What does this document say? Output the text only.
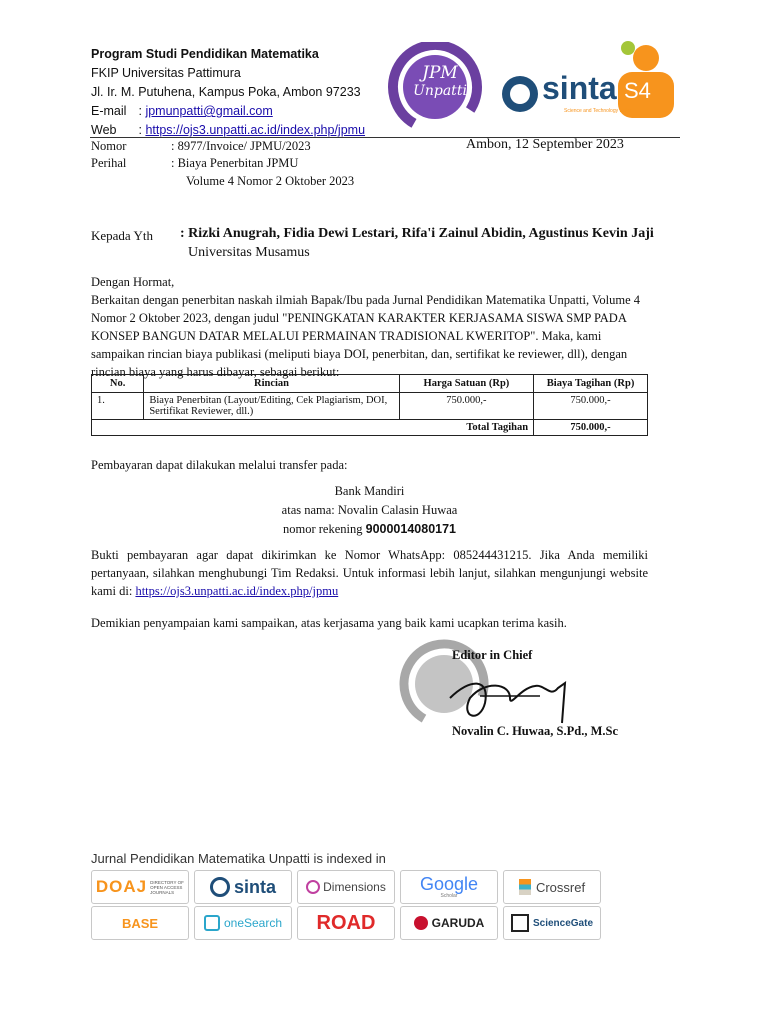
Program Studi Pendidikan Matematika
FKIP Universitas Pattimura
Jl. Ir. M. Putuhena, Kampus Poka, Ambon 97233
E-mail : jpmunpatti@gmail.com
Web : https://ojs3.unpatti.ac.id/index.php/jpmu
JPM
Unpatti sinta
Science and Technology Index
S4
Nomor	: 8977/Invoice/ JPMU/2023	Ambon, 12 September 2023
Perihal	: Biaya Penerbitan JPMU
Volume 4 Nomor 2 Oktober 2023
Kepada Yth : Rizki Anugrah, Fidia Dewi Lestari, Rifa'i Zainul Abidin, Agustinus Kevin Jaji
Universitas Musamus
Dengan Hormat,
Berkaitan dengan penerbitan naskah ilmiah Bapak/Ibu pada Jurnal Pendidikan Matematika Unpatti, Volume 4 Nomor 2 Oktober 2023, dengan judul "PENINGKATAN KARAKTER KERJASAMA SISWA SMP PADA KONSEP BANGUN DATAR MELALUI PERMAINAN TRADISIONAL KWERITOP". Maka, kami sampaikan rincian biaya publikasi (meliputi biaya DOI, penerbitan, dan, sertifikat ke reviewer, dll), dengan rincian biaya yang harus dibayar, sebagai berikut:
No.	Rincian	Harga Satuan (Rp)	Biaya Tagihan (Rp)
1.	Biaya Penerbitan (Layout/Editing, Cek Plagiarism, DOI, Sertifikat Reviewer, dll.)	750.000,-	750.000,-
Total Tagihan			750.000,-
Pembayaran dapat dilakukan melalui transfer pada:
Bank Mandiri
atas nama: Novalin Calasin Huwaa
nomor rekening 9000014080171
Bukti pembayaran agar dapat dikirimkan ke Nomor WhatsApp: 085244431215. Jika Anda memiliki pertanyaan, silahkan menghubungi Tim Redaksi. Untuk informasi lebih lanjut, silahkan mengunjungi website kami di: https://ojs3.unpatti.ac.id/index.php/jpmu
Demikian penyampaian kami sampaikan, atas kerjasama yang baik kami ucapkan terima kasih.
Editor in Chief
Novalin C. Huwaa, S.Pd., M.Sc
Jurnal Pendidikan Matematika Unpatti is indexed in
DOAJ DIRECTORY OF OPEN ACCESS JOURNALS	sinta	Dimensions Google
Scholar
Crossref
BASE	oneSearch ROAD	GARUDA	ScienceGate
